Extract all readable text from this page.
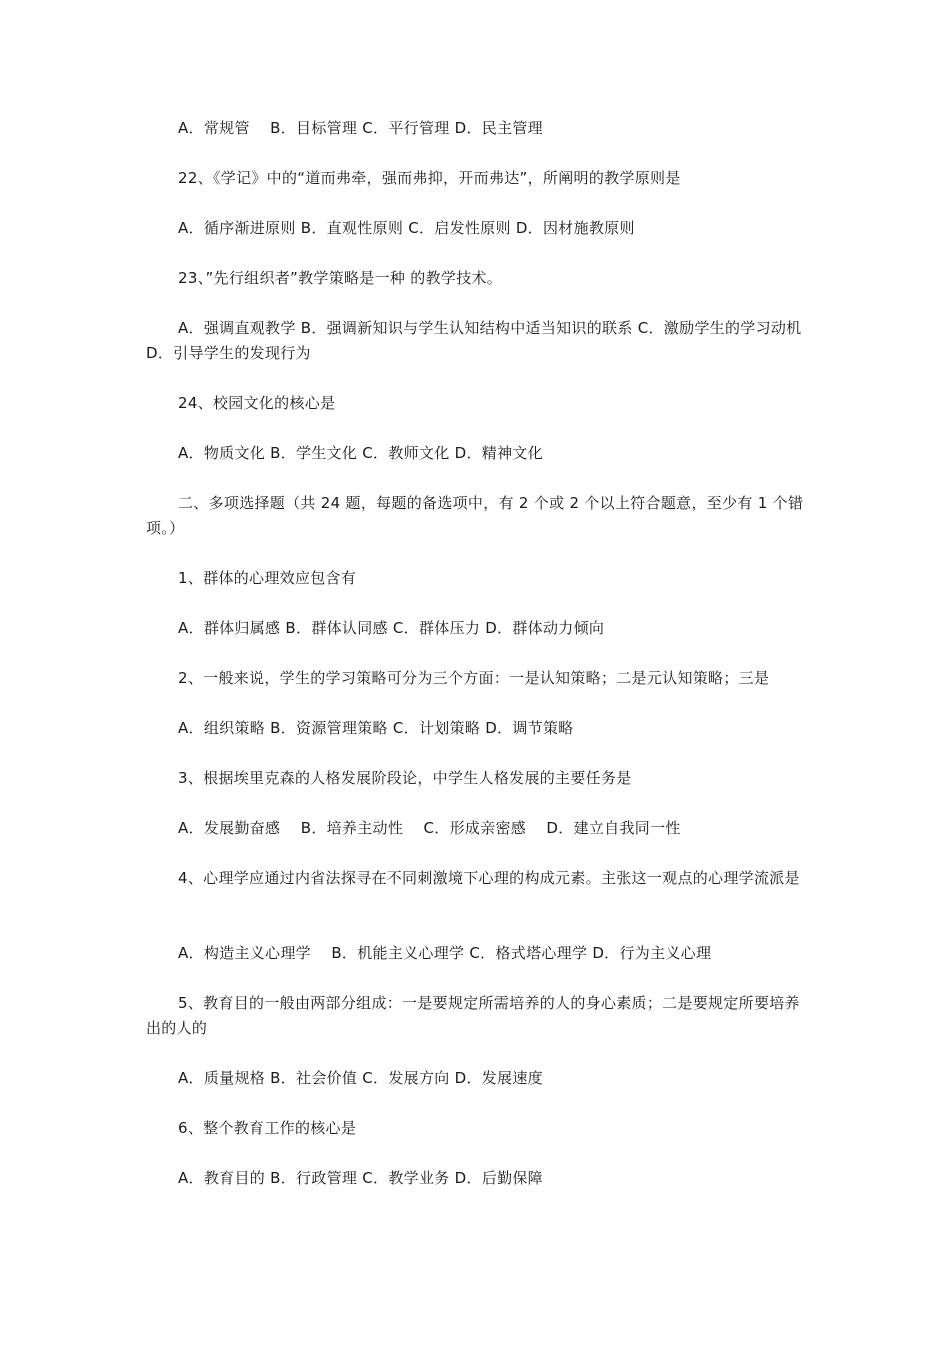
A．常规管 　B．目标管理 C．平行管理 D．民主管理

22、《学记》中的“道而弗牵，强而弗抑，开而弗达”，所阐明的教学原则是

A．循序渐进原则 B．直观性原则 C．启发性原则 D．因材施教原则

23、”先行组织者”教学策略是一种 的教学技术。

A．强调直观教学 B．强调新知识与学生认知结构中适当知识的联系 C．激励学生的学习动机　　　D．引导学生的发现行为

24、校园文化的核心是

A．物质文化 B．学生文化 C．教师文化 D．精神文化

二、多项选择题（共 24 题，每题的备选项中，有 2 个或 2 个以上符合题意，至少有 1 个错项。）

1、群体的心理效应包含有

A．群体归属感 B．群体认同感 C．群体压力 D．群体动力倾向

2、一般来说，学生的学习策略可分为三个方面：一是认知策略；二是元认知策略；三是

A．组织策略 B．资源管理策略 C．计划策略 D．调节策略

3、根据埃里克森的人格发展阶段论，中学生人格发展的主要任务是

A．发展勤奋感　 B．培养主动性　 C．形成亲密感　 D．建立自我同一性

4、心理学应通过内省法探寻在不同刺激境下心理的构成元素。主张这一观点的心理学流派是

A．构造主义心理学　 B．机能主义心理学 C．格式塔心理学 D．行为主义心理

5、教育目的一般由两部分组成：一是要规定所需培养的人的身心素质；二是要规定所要培养出的人的

A．质量规格 B．社会价值 C．发展方向 D．发展速度

6、整个教育工作的核心是

A．教育目的 B．行政管理 C．教学业务 D．后勤保障
